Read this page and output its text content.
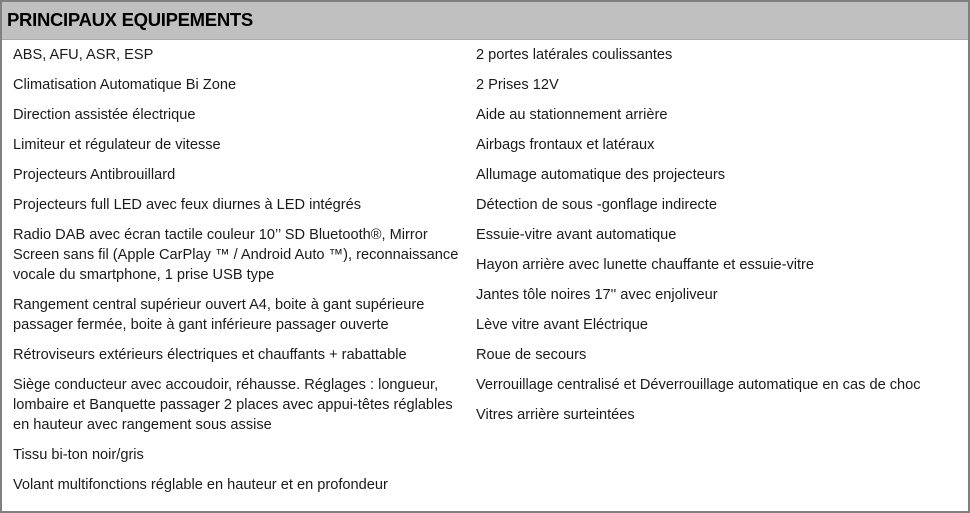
PRINCIPAUX EQUIPEMENTS
ABS, AFU, ASR, ESP
Climatisation Automatique Bi Zone
Direction assistée électrique
Limiteur et régulateur de vitesse
Projecteurs Antibrouillard
Projecteurs full LED avec feux diurnes à LED intégrés
Radio DAB avec écran tactile couleur 10’’ SD Bluetooth®, Mirror Screen sans fil (Apple CarPlay ™ / Android Auto ™), reconnaissance vocale du smartphone, 1 prise USB type
Rangement central supérieur ouvert A4, boite à gant supérieure passager fermée, boite à gant inférieure passager ouverte
Rétroviseurs extérieurs électriques et chauffants + rabattable
Siège conducteur avec accoudoir, réhausse. Réglages : longueur, lombaire et Banquette passager 2 places avec appui-têtes réglables en hauteur avec rangement sous assise
Tissu bi-ton noir/gris
Volant multifonctions réglable en hauteur et en profondeur
2 portes latérales coulissantes
2 Prises 12V
Aide au stationnement arrière
Airbags frontaux et latéraux
Allumage automatique des projecteurs
Détection de sous -gonflage indirecte
Essuie-vitre avant automatique
Hayon arrière avec lunette chauffante et essuie-vitre
Jantes tôle noires 17'' avec enjoliveur
Lève vitre avant Eléctrique
Roue de secours
Verrouillage centralisé et Déverrouillage automatique en cas de choc
Vitres arrière surteintées
